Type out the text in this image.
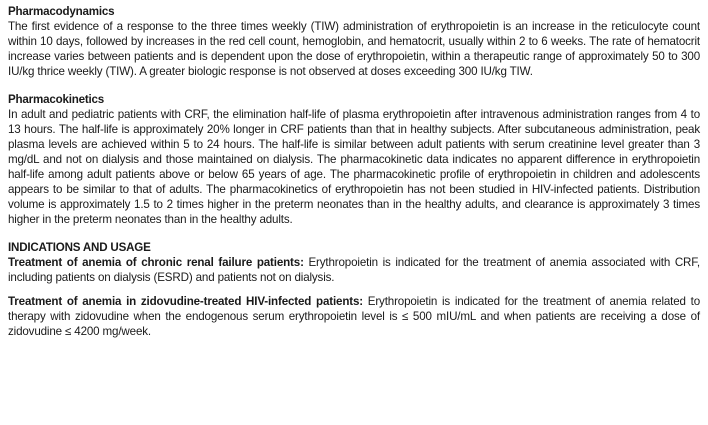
Pharmacodynamics

The first evidence of a response to the three times weekly (TIW) administration of erythropoietin is an increase in the reticulocyte count within 10 days, followed by increases in the red cell count, hemoglobin, and hematocrit, usually within 2 to 6 weeks. The rate of hematocrit increase varies between patients and is dependent upon the dose of erythropoietin, within a therapeutic range of approximately 50 to 300 IU/kg thrice weekly (TIW). A greater biologic response is not observed at doses exceeding 300 IU/kg TIW.

Pharmacokinetics

In adult and pediatric patients with CRF, the elimination half-life of plasma erythropoietin after intravenous administration ranges from 4 to 13 hours. The half-life is approximately 20% longer in CRF patients than that in healthy subjects. After subcutaneous administration, peak plasma levels are achieved within 5 to 24 hours. The half-life is similar between adult patients with serum creatinine level greater than 3 mg/dL and not on dialysis and those maintained on dialysis. The pharmacokinetic data indicates no apparent difference in erythropoietin half-life among adult patients above or below 65 years of age. The pharmacokinetic profile of erythropoietin in children and adolescents appears to be similar to that of adults. The pharmacokinetics of erythropoietin has not been studied in HIV-infected patients. Distribution volume is approximately 1.5 to 2 times higher in the preterm neonates than in the healthy adults, and clearance is approximately 3 times higher in the preterm neonates than in the healthy adults.

INDICATIONS AND USAGE

Treatment of anemia of chronic renal failure patients: Erythropoietin is indicated for the treatment of anemia associated with CRF, including patients on dialysis (ESRD) and patients not on dialysis.

Treatment of anemia in zidovudine-treated HIV-infected patients: Erythropoietin is indicated for the treatment of anemia related to therapy with zidovudine when the endogenous serum erythropoietin level is ≤ 500 mIU/mL and when patients are receiving a dose of zidovudine ≤ 4200 mg/week.
